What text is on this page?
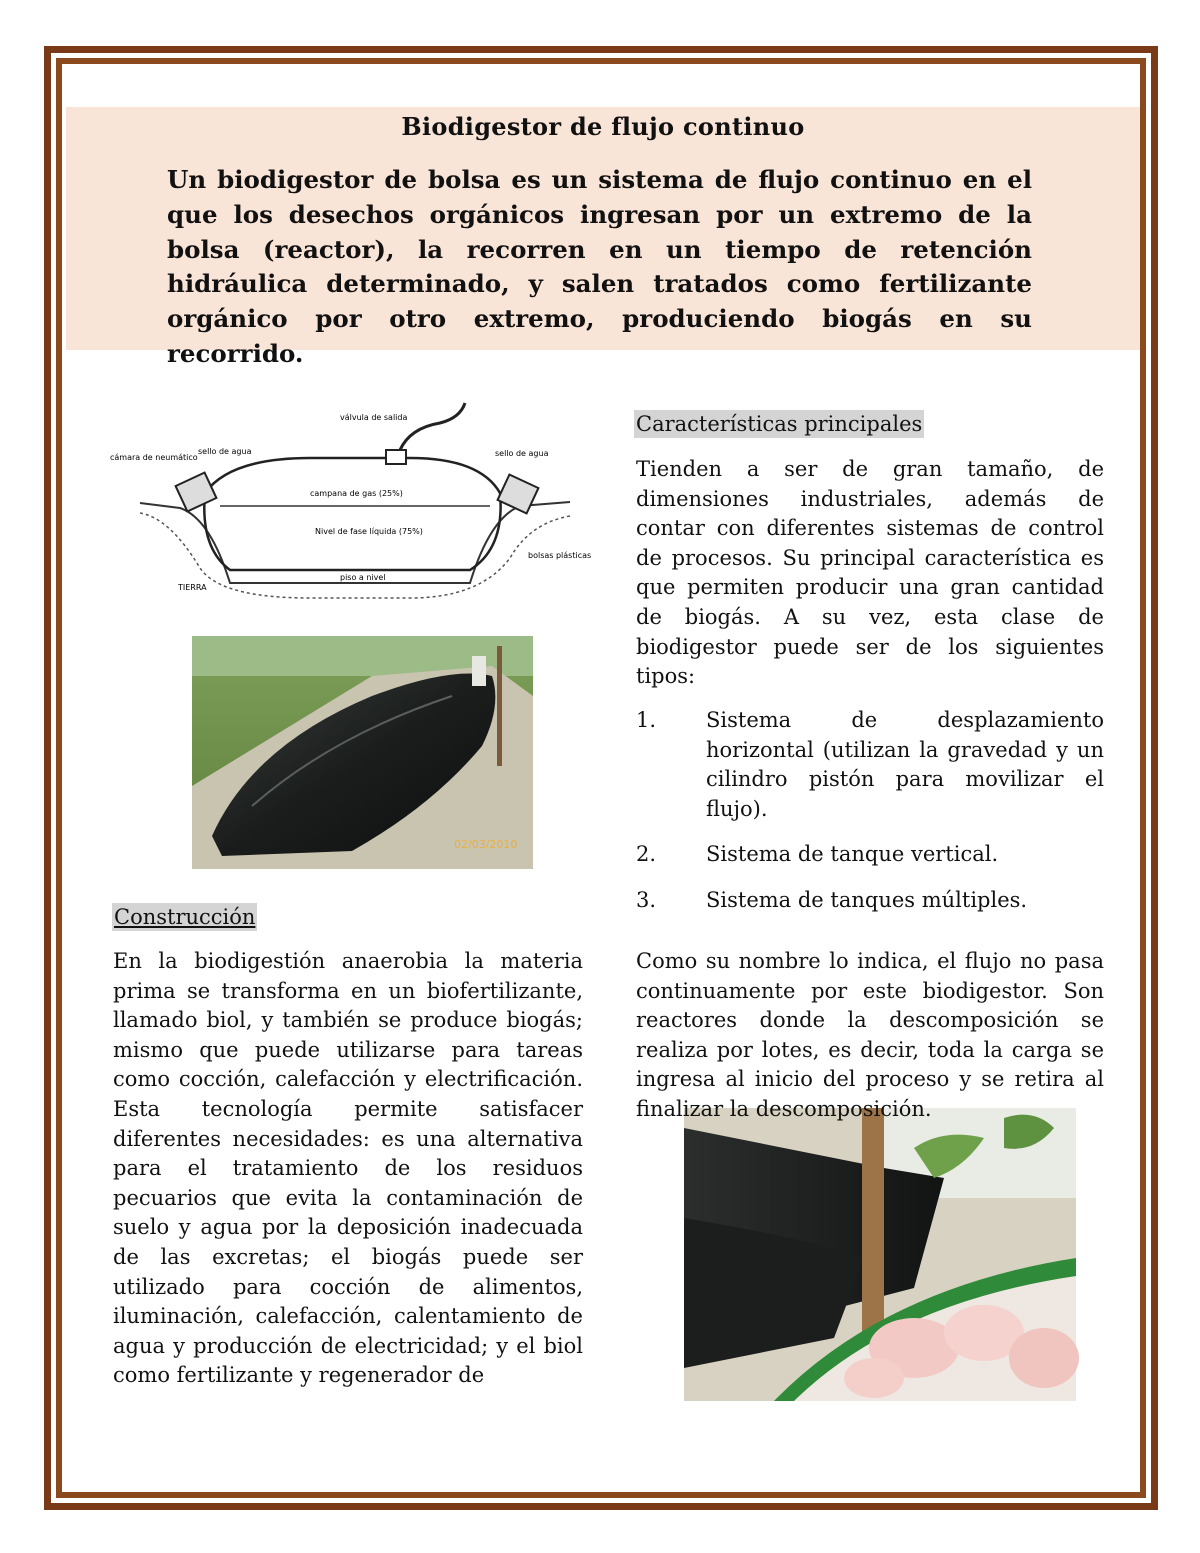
Biodigestor de flujo continuo
Un biodigestor de bolsa es un sistema de flujo continuo en el que los desechos orgánicos ingresan por un extremo de la bolsa (reactor), la recorren en un tiempo de retención hidráulica determinado, y salen tratados como fertilizante orgánico por otro extremo, produciendo biogás en su recorrido.
válvula de salida
cámara de neumático
sello de agua	sello de agua
campana de gas (25%)
Nivel de fase líquida (75%)
piso a nivel
TIERRA
bolsas plásticas
02/03/2010
Características principales
Tienden a ser de gran tamaño, de dimensiones industriales, además de contar con diferentes sistemas de control de procesos. Su principal característica es que permiten producir una gran cantidad de biogás. A su vez, esta clase de biodigestor puede ser de los siguientes tipos:
1.	Sistema de desplazamiento horizontal (utilizan la gravedad y un cilindro pistón para movilizar el flujo).
2.	Sistema de tanque vertical.
3.	Sistema de tanques múltiples.
Construcción
En la biodigestión anaerobia la materia prima se transforma en un biofertilizante, llamado biol, y también se produce biogás; mismo que puede utilizarse para tareas como cocción, calefacción y electrificación. Esta tecnología permite satisfacer diferentes necesidades: es una alternativa para el tratamiento de los residuos pecuarios que evita la contaminación de suelo y agua por la deposición inadecuada de las excretas; el biogás puede ser utilizado para cocción de alimentos, iluminación, calefacción, calentamiento de agua y producción de electricidad; y el biol como fertilizante y regenerador de
Como su nombre lo indica, el flujo no pasa continuamente por este biodigestor. Son reactores donde la descomposición se realiza por lotes, es decir, toda la carga se ingresa al inicio del proceso y se retira al finalizar la descomposición.
